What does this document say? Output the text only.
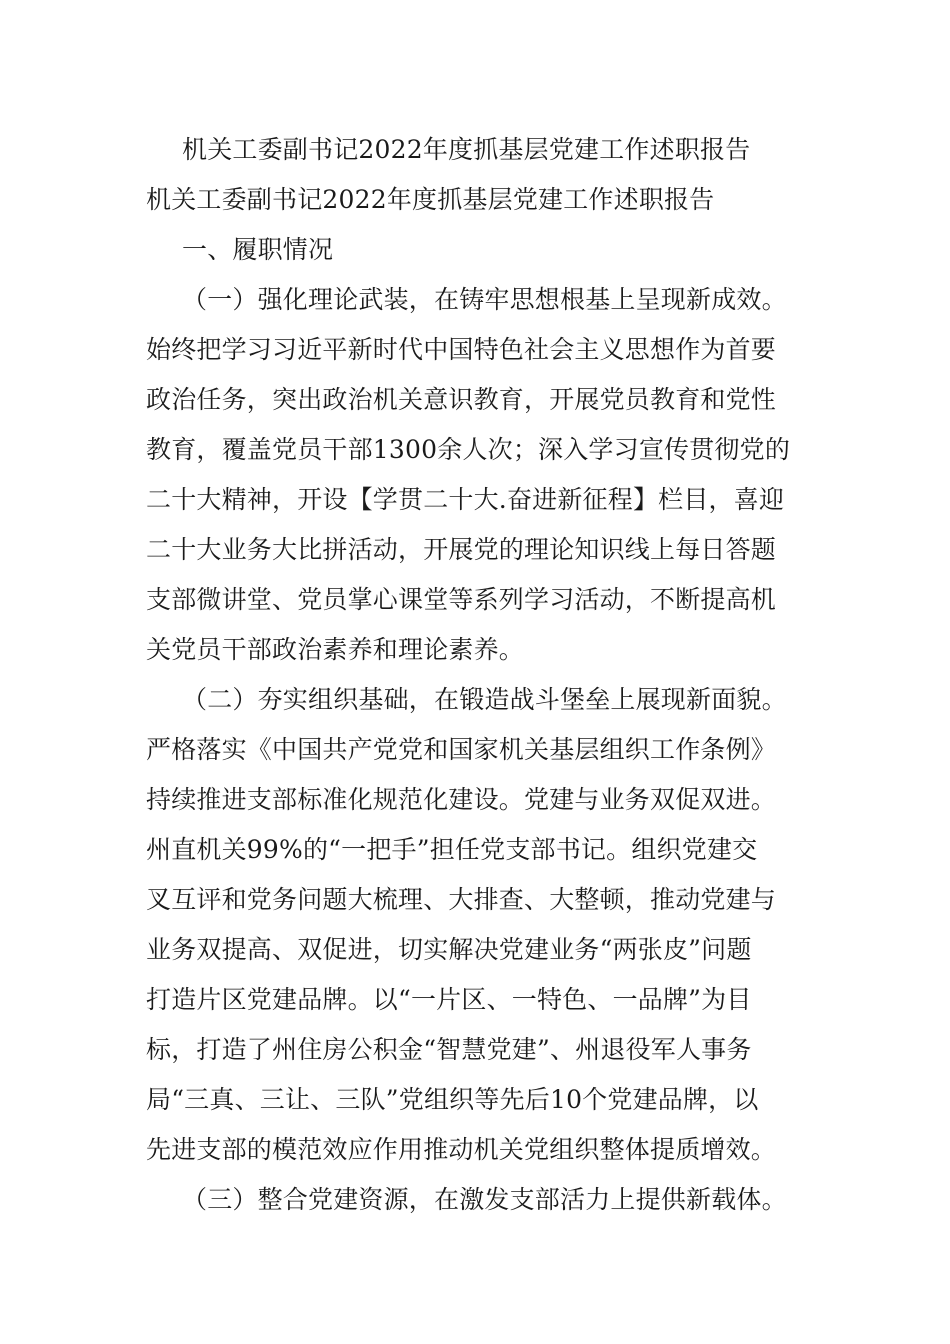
机关工委副书记2022年度抓基层党建工作述职报告
机关工委副书记2022年度抓基层党建工作述职报告
一、履职情况
（一）强化理论武装，在铸牢思想根基上呈现新成效。
始终把学习习近平新时代中国特色社会主义思想作为首要
政治任务，突出政治机关意识教育，开展党员教育和党性
教育，覆盖党员干部1300余人次；深入学习宣传贯彻党的
二十大精神，开设【学贯二十大.奋进新征程】栏目，喜迎
二十大业务大比拼活动，开展党的理论知识线上每日答题
支部微讲堂、党员掌心课堂等系列学习活动，不断提高机
关党员干部政治素养和理论素养。
（二）夯实组织基础，在锻造战斗堡垒上展现新面貌。
严格落实《中国共产党党和国家机关基层组织工作条例》
持续推进支部标准化规范化建设。党建与业务双促双进。
州直机关99%的“一把手”担任党支部书记。组织党建交
叉互评和党务问题大梳理、大排查、大整顿，推动党建与
业务双提高、双促进，切实解决党建业务“两张皮”问题
打造片区党建品牌。以“一片区、一特色、一品牌”为目
标，打造了州住房公积金“智慧党建”、州退役军人事务
局“三真、三让、三队”党组织等先后10个党建品牌，以
先进支部的模范效应作用推动机关党组织整体提质增效。
（三）整合党建资源，在激发支部活力上提供新载体。
